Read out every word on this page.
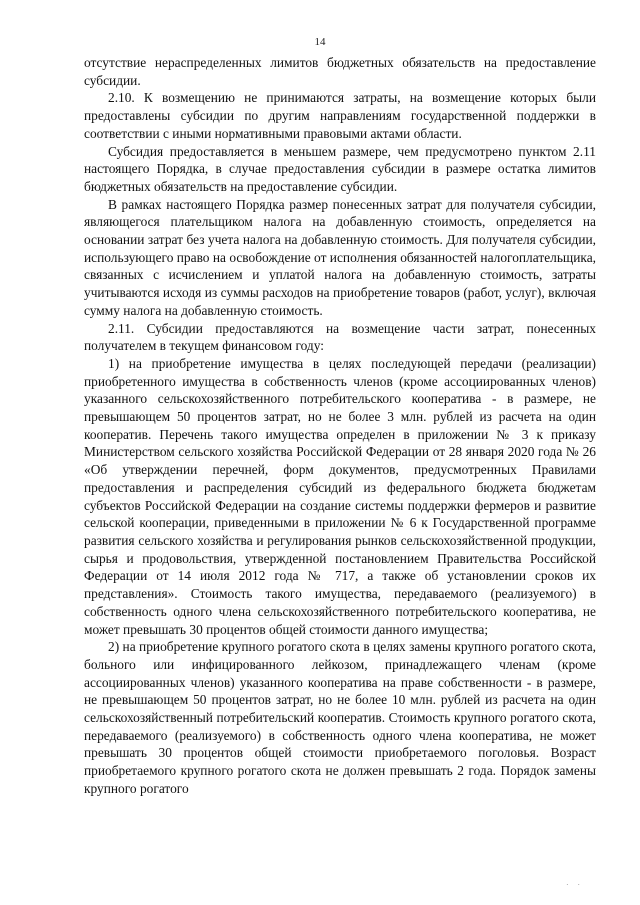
14

отсутствие нераспределенных лимитов бюджетных обязательств на предоставление субсидии.

2.10. К возмещению не принимаются затраты, на возмещение которых были предоставлены субсидии по другим направлениям государственной поддержки в соответствии с иными нормативными правовыми актами области.

Субсидия предоставляется в меньшем размере, чем предусмотрено пунктом 2.11 настоящего Порядка, в случае предоставления субсидии в размере остатка лимитов бюджетных обязательств на предоставление субсидии.

В рамках настоящего Порядка размер понесенных затрат для получателя субсидии, являющегося плательщиком налога на добавленную стоимость, определяется на основании затрат без учета налога на добавленную стоимость. Для получателя субсидии, использующего право на освобождение от исполнения обязанностей налогоплательщика, связанных с исчислением и уплатой налога на добавленную стоимость, затраты учитываются исходя из суммы расходов на приобретение товаров (работ, услуг), включая сумму налога на добавленную стоимость.

2.11. Субсидии предоставляются на возмещение части затрат, понесенных получателем в текущем финансовом году:

1) на приобретение имущества в целях последующей передачи (реализации) приобретенного имущества в собственность членов (кроме ассоциированных членов) указанного сельскохозяйственного потребительского кооператива - в размере, не превышающем 50 процентов затрат, но не более 3 млн. рублей из расчета на один кооператив. Перечень такого имущества определен в приложении № 3 к приказу Министерством сельского хозяйства Российской Федерации от 28 января 2020 года № 26 «Об утверждении перечней, форм документов, предусмотренных Правилами предоставления и распределения субсидий из федерального бюджета бюджетам субъектов Российской Федерации на создание системы поддержки фермеров и развитие сельской кооперации, приведенными в приложении № 6 к Государственной программе развития сельского хозяйства и регулирования рынков сельскохозяйственной продукции, сырья и продовольствия, утвержденной постановлением Правительства Российской Федерации от 14 июля 2012 года № 717, а также об установлении сроков их представления». Стоимость такого имущества, передаваемого (реализуемого) в собственность одного члена сельскохозяйственного потребительского кооператива, не может превышать 30 процентов общей стоимости данного имущества;

2) на приобретение крупного рогатого скота в целях замены крупного рогатого скота, больного или инфицированного лейкозом, принадлежащего членам (кроме ассоциированных членов) указанного кооператива на праве собственности - в размере, не превышающем 50 процентов затрат, но не более 10 млн. рублей из расчета на один сельскохозяйственный потребительский кооператив. Стоимость крупного рогатого скота, передаваемого (реализуемого) в собственность одного члена кооператива, не может превышать 30 процентов общей стоимости приобретаемого поголовья. Возраст приобретаемого крупного рогатого скота не должен превышать 2 года. Порядок замены крупного рогатого

·  ·
